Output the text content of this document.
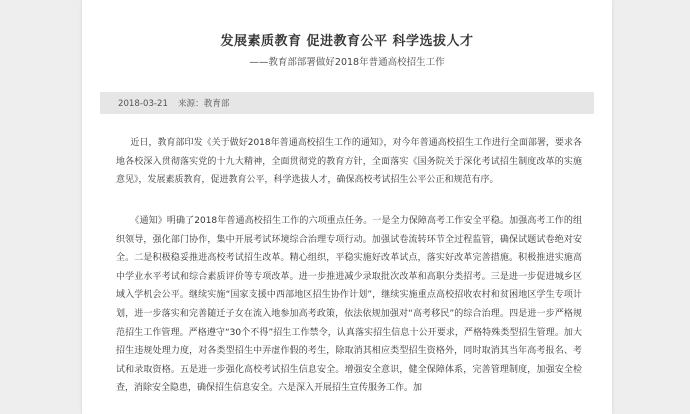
发展素质教育 促进教育公平 科学选拔人才
——教育部部署做好2018年普通高校招生工作
2018-03-21 来源：教育部

近日，教育部印发《关于做好2018年普通高校招生工作的通知》，对今年普通高校招生工作进行全面部署，要求各地各校深入贯彻落实党的十九大精神，全面贯彻党的教育方针，全面落实《国务院关于深化考试招生制度改革的实施意见》，发展素质教育，促进教育公平，科学选拔人才，确保高校考试招生公平公正和规范有序。

《通知》明确了2018年普通高校招生工作的六项重点任务。一是全力保障高考工作安全平稳。加强高考工作的组织领导，强化部门协作，集中开展考试环境综合治理专项行动。加强试卷流转环节全过程监管，确保试题试卷绝对安全。二是积极稳妥推进高校考试招生改革。精心组织，平稳实施好改革试点，落实好改革完善措施。积极推进实施高中学业水平考试和综合素质评价等专项改革。进一步推进减少录取批次改革和高职分类招考。三是进一步促进城乡区域入学机会公平。继续实施“国家支援中西部地区招生协作计划”，继续实施重点高校招收农村和贫困地区学生专项计划，进一步落实和完善随迁子女在流入地参加高考政策，依法依规加强对“高考移民”的综合治理。四是进一步严格规范招生工作管理。严格遵守“30个不得”招生工作禁令，认真落实招生信息十公开要求，严格特殊类型招生管理。加大招生违规处理力度，对各类型招生中弄虚作假的考生，除取消其相应类型招生资格外，同时取消其当年高考报名、考试和录取资格。五是进一步强化高校考试招生信息安全。增强安全意识，健全保障体系，完善管理制度，加强安全检查，消除安全隐患，确保招生信息安全。六是深入开展招生宣传服务工作。加
